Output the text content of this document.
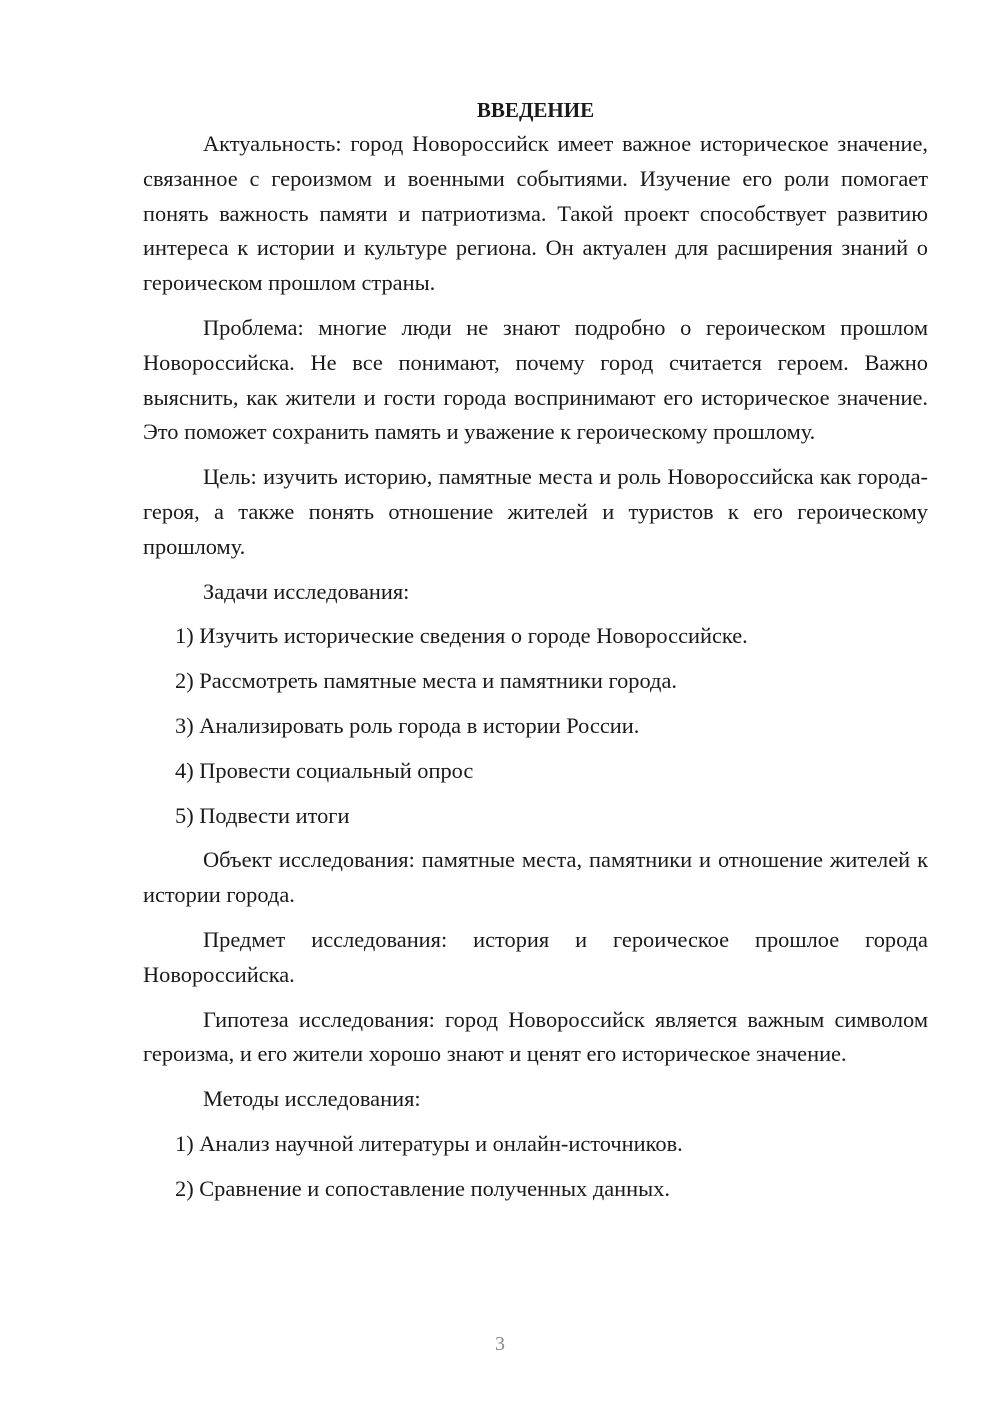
ВВЕДЕНИЕ

Актуальность: город Новороссийск имеет важное историческое значение, связанное с героизмом и военными событиями. Изучение его роли помогает понять важность памяти и патриотизма. Такой проект способствует развитию интереса к истории и культуре региона. Он актуален для расширения знаний о героическом прошлом страны.

Проблема: многие люди не знают подробно о героическом прошлом Новороссийска. Не все понимают, почему город считается героем. Важно выяснить, как жители и гости города воспринимают его историческое значение. Это поможет сохранить память и уважение к героическому прошлому.

Цель: изучить историю, памятные места и роль Новороссийска как города-героя, а также понять отношение жителей и туристов к его героическому прошлому.

Задачи исследования:

1) Изучить исторические сведения о городе Новороссийске.

2) Рассмотреть памятные места и памятники города.

3) Анализировать роль города в истории России.

4) Провести социальный опрос

5) Подвести итоги

Объект исследования: памятные места, памятники и отношение жителей к истории города.

Предмет исследования: история и героическое прошлое города Новороссийска.

Гипотеза исследования: город Новороссийск является важным символом героизма, и его жители хорошо знают и ценят его историческое значение.

Методы исследования:

1) Анализ научной литературы и онлайн-источников.

2) Сравнение и сопоставление полученных данных.

3
